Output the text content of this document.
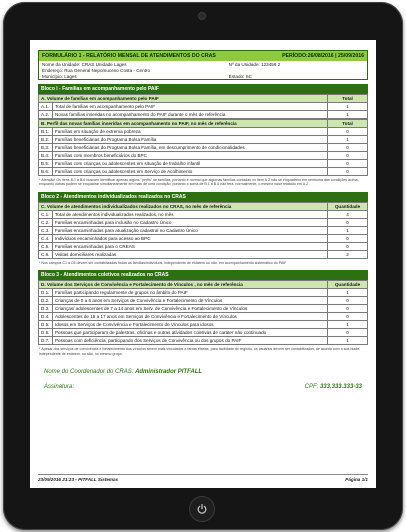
FORMULÁRIO 1 - RELATÓRIO MENSAL DE ATENDIMENTOS DO CRAS	PERÍODO:26/08/2016 | 25/09/2016
Nome da Unidade: CRAS Unidade Lages	Nº da Unidade: 123456 2
Endereço: Rua General Nepomuceno Costa - Centro
Município: Lages	Estado: SC
Bloco I - Famílias em acompanhamento pelo PAIF
A. Volume de famílias em acompanhamento pelo PAIF		Total
A.1.	Total de famílias em acompanhamento pelo PAIF	1
A.2.	Novas famílias inseridas no acompanhamento do PAIF durante o mês de referência	1
B. Perfil das novas famílias inseridas em acompanhamento no PAIF, no mês de referência		Total
B.1.	Famílias em situação de extrema pobreza	0
B.2.	Famílias beneficiárias do Programa Bolsa Família	1
B.3.	Famílias beneficiárias do Programa Bolsa Família, em descumprimento de condicionalidades	0
B.4.	Famílias com membros beneficiários do BPC	0
B.5.	Famílias com crianças ou adolescentes em situação de trabalho infantil	0
B.6.	Famílias com crianças ou adolescentes em Serviço de Acolhimento	0
* Atenção! Os itens B.1 a B.6 buscam identificar apenas alguns "perfis" de famílias, portanto é normal que algumas famílias contadas no item A.2 não se enquadrem em nenhuma das condições acima, enquanto outras podem se enquadrar simultaneamente em mais de uma condição; portanto o soma de B.1 a B.6 não terá, normalmente, o mesmo valor relatado em A.2
Bloco 2 - Atendimentos individualizados realizados no CRAS
C. Volume de atendimentos individualizados realizados no CRAS, no mês de referência		Quantidade
C.1.	Total de atendimentos individualizados realizados, no mês	4
C.2.	Famílias encaminhadas para inclusão no Cadastro Único	0
C.3.	Famílias encaminhadas para atualização cadastral no Cadastro Único	1
C.4.	Indivíduos encaminhados para acesso ao BPC	0
C.5.	Famílias encaminhadas para o CREAS	0
C.6.	Visitas domiciliares realizadas	2
* Nos campos C1 a C6 devem ser contabilizadas todas as famílias/indivíduos, independente de estarem ou não, em acompanhamento sistemático do PAIF
Bloco 3 - Atendimentos coletivos realizados no CRAS
D. Volume dos Serviços de Convivência e Fortalecimento de Vínculos , no mês de referência		Quantidade
D.1.	Famílias participando regularmente de grupos no âmbito do PAIF	1
D.2.	Crianças de 0 a 6 anos em Serviços de Convivência e Fortalecimento de Vínculos	0
D.3.	Crianças/ adolescentes de 7 a 14 anos em Serv. de Convivência e Fortalecimento de Vínculos	0
D.4.	Adolescentes de 15 a 17 anos em Serviços de Convivência e Fortalecimento de Vínculos	0
D.5.	Idosos em Serviços de Convivência e Fortalecimento de Vínculos para idosos	1
D.6.	Pessoas que participaram de palestras, oficinas e outras atividades coletivas de caráter não continuado	0
D.7.	Pessoas com deficiência, participando dos Serviços de Convivência ou dos grupos do PAIF	1
* Apesar dos serviços de convivência e fortalecimento dos vínculos serem mais vinculados a faixas etárias, para facilidade de registro, os usuários devem ser contabilizados, de acordo com a sua idade, independente de estarem, ou não, no mesmo grupo.
Nome do Coordenador do CRAS: Administrador PITFALL
Assinatura:	CPF: 333.333.333-33
23/09/2016 21:23 - PITFALL Sistemas	Página 1/1
